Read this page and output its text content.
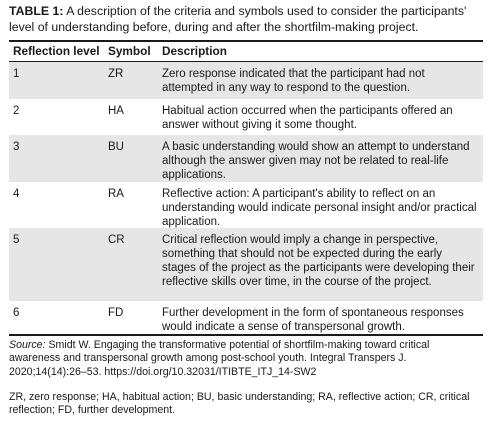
TABLE 1: A description of the criteria and symbols used to consider the participants' level of understanding before, during and after the shortfilm-making project.
Reflection level Symbol Description
1	ZR	Zero response indicated that the participant had not attempted in any way to respond to the question.
2	HA	Habitual action occurred when the participants offered an answer without giving it some thought.
3	BU	A basic understanding would show an attempt to understand although the answer given may not be related to real-life applications.
4	RA	Reflective action: A participant's ability to reflect on an understanding would indicate personal insight and/or practical application.
5	CR	Critical reflection would imply a change in perspective, something that should not be expected during the early stages of the project as the participants were developing their reflective skills over time, in the course of the project.
6	FD	Further development in the form of spontaneous responses would indicate a sense of transpersonal growth.
Source: Smidt W. Engaging the transformative potential of shortfilm-making toward critical awareness and transpersonal growth among post-school youth. Integral Transpers J. 2020;14(14):26–53. https://doi.org/10.32031/ITIBTE_ITJ_14-SW2
ZR, zero response; HA, habitual action; BU, basic understanding; RA, reflective action; CR, critical reflection; FD, further development.
